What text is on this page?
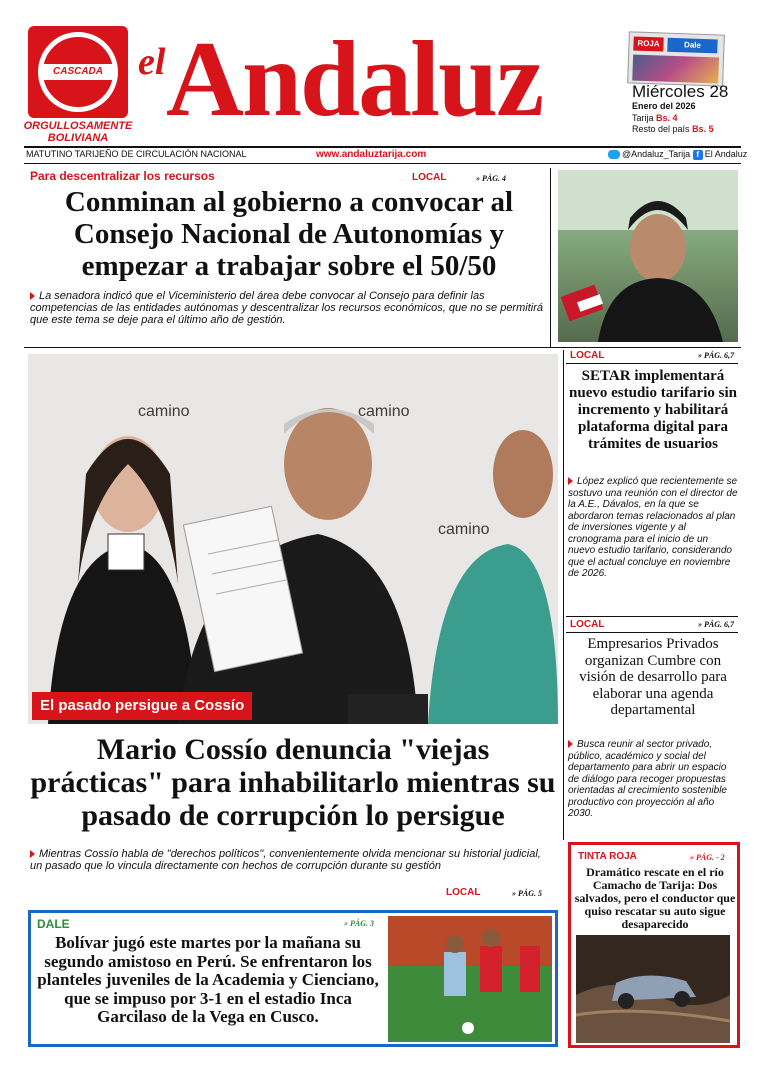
CASCADA
ORGULLOSAMENTE BOLIVIANA
el Andaluz	ROJA	Dale
Miércoles 28
Enero del 2026
Tarija Bs. 4
Resto del país Bs. 5
MATUTINO TARIJEÑO DE CIRCULACIÓN NACIONAL	www.andaluztarija.com	@Andaluz_Tarija f El Andaluz
Para descentralizar los recursos	LOCAL	» PÁG. 4
Conminan al gobierno a convocar al Consejo Nacional de Autonomías y empezar a trabajar sobre el 50/50
La senadora indicó que el Viceministerio del área debe convocar al Consejo para definir las competencias de las entidades autónomas y descentralizar los recursos económicos, que no se permitirá que este tema se deje para el último año de gestión.
camino	camino
camino
El pasado persigue a Cossío
Mario Cossío denuncia "viejas prácticas" para inhabilitarlo mientras su pasado de corrupción lo persigue
Mientras Cossío habla de "derechos políticos", convenientemente olvida mencionar su historial judicial, un pasado que lo vincula directamente con hechos de corrupción durante su gestión
LOCAL	» PÁG. 5
LOCAL	» PÁG. 6,7
SETAR implementará nuevo estudio tarifario sin incremento y habilitará plataforma digital para trámites de usuarios
López explicó que recientemente se sostuvo una reunión con el director de la A.E., Dávalos, en la que se abordaron temas relacionados al plan de inversiones vigente y al cronograma para el inicio de un nuevo estudio tarifario, considerando que el actual concluye en noviembre de 2026.
LOCAL	» PÁG. 6,7
Empresarios Privados organizan Cumbre con visión de desarrollo para elaborar una agenda departamental
Busca reunir al sector privado, público, académico y social del departamento para abrir un espacio de diálogo para recoger propuestas orientadas al crecimiento sostenible productivo con proyección al año 2030.
TINTA ROJA	» PÁG. - 2
Dramático rescate en el río Camacho de Tarija: Dos salvados, pero el conductor que quiso rescatar su auto sigue desaparecido
DALE	» PÁG. 3
Bolívar jugó este martes por la mañana su segundo amistoso en Perú. Se enfrentaron los planteles juveniles de la Academia y Cienciano, que se impuso por 3-1 en el estadio Inca Garcilaso de la Vega en Cusco.
